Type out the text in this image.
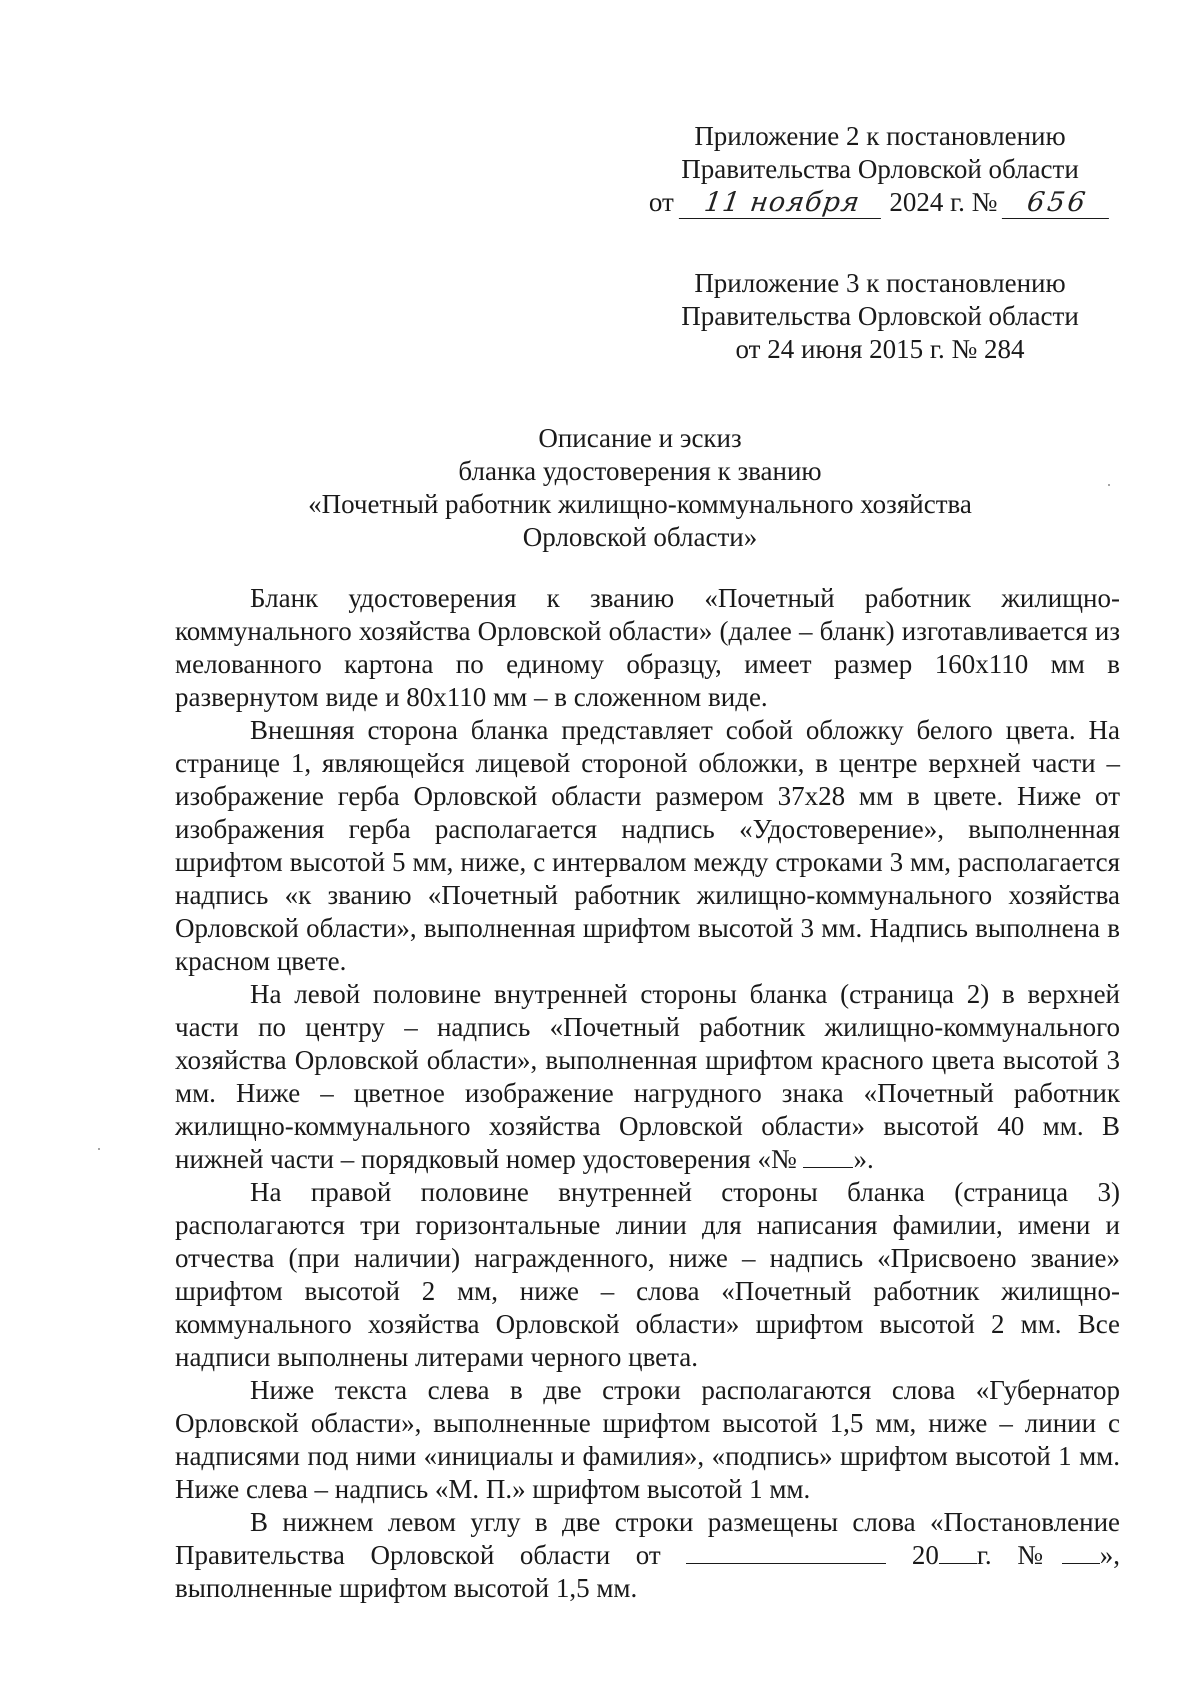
Приложение 2 к постановлению
Правительства Орловской области
от 11 ноября 2024 г. № 656
Приложение 3 к постановлению
Правительства Орловской области
от 24 июня 2015 г. № 284
Описание и эскиз
бланка удостоверения к званию
«Почетный работник жилищно-коммунального хозяйства
Орловской области»

Бланк удостоверения к званию «Почетный работник жилищно-коммунального хозяйства Орловской области» (далее – бланк) изготавливается из мелованного картона по единому образцу, имеет размер 160x110 мм в развернутом виде и 80x110 мм – в сложенном виде.

Внешняя сторона бланка представляет собой обложку белого цвета. На странице 1, являющейся лицевой стороной обложки, в центре верхней части – изображение герба Орловской области размером 37x28 мм в цвете. Ниже от изображения герба располагается надпись «Удостоверение», выполненная шрифтом высотой 5 мм, ниже, с интервалом между строками 3 мм, располагается надпись «к званию «Почетный работник жилищно-коммунального хозяйства Орловской области», выполненная шрифтом высотой 3 мм. Надпись выполнена в красном цвете.

На левой половине внутренней стороны бланка (страница 2) в верхней части по центру – надпись «Почетный работник жилищно-коммунального хозяйства Орловской области», выполненная шрифтом красного цвета высотой 3 мм. Ниже – цветное изображение нагрудного знака «Почетный работник жилищно-коммунального хозяйства Орловской области» высотой 40 мм. В нижней части – порядковый номер удостоверения «№ ».

На правой половине внутренней стороны бланка (страница 3) располагаются три горизонтальные линии для написания фамилии, имени и отчества (при наличии) награжденного, ниже – надпись «Присвоено звание» шрифтом высотой 2 мм, ниже – слова «Почетный работник жилищно-коммунального хозяйства Орловской области» шрифтом высотой 2 мм. Все надписи выполнены литерами черного цвета.

Ниже текста слева в две строки располагаются слова «Губернатор Орловской области», выполненные шрифтом высотой 1,5 мм, ниже – линии с надписями под ними «инициалы и фамилия», «подпись» шрифтом высотой 1 мм. Ниже слева – надпись «М. П.» шрифтом высотой 1 мм.

В нижнем левом углу в две строки размещены слова «Постановление Правительства Орловской области от	20 г. № », выполненные шрифтом высотой 1,5 мм.
